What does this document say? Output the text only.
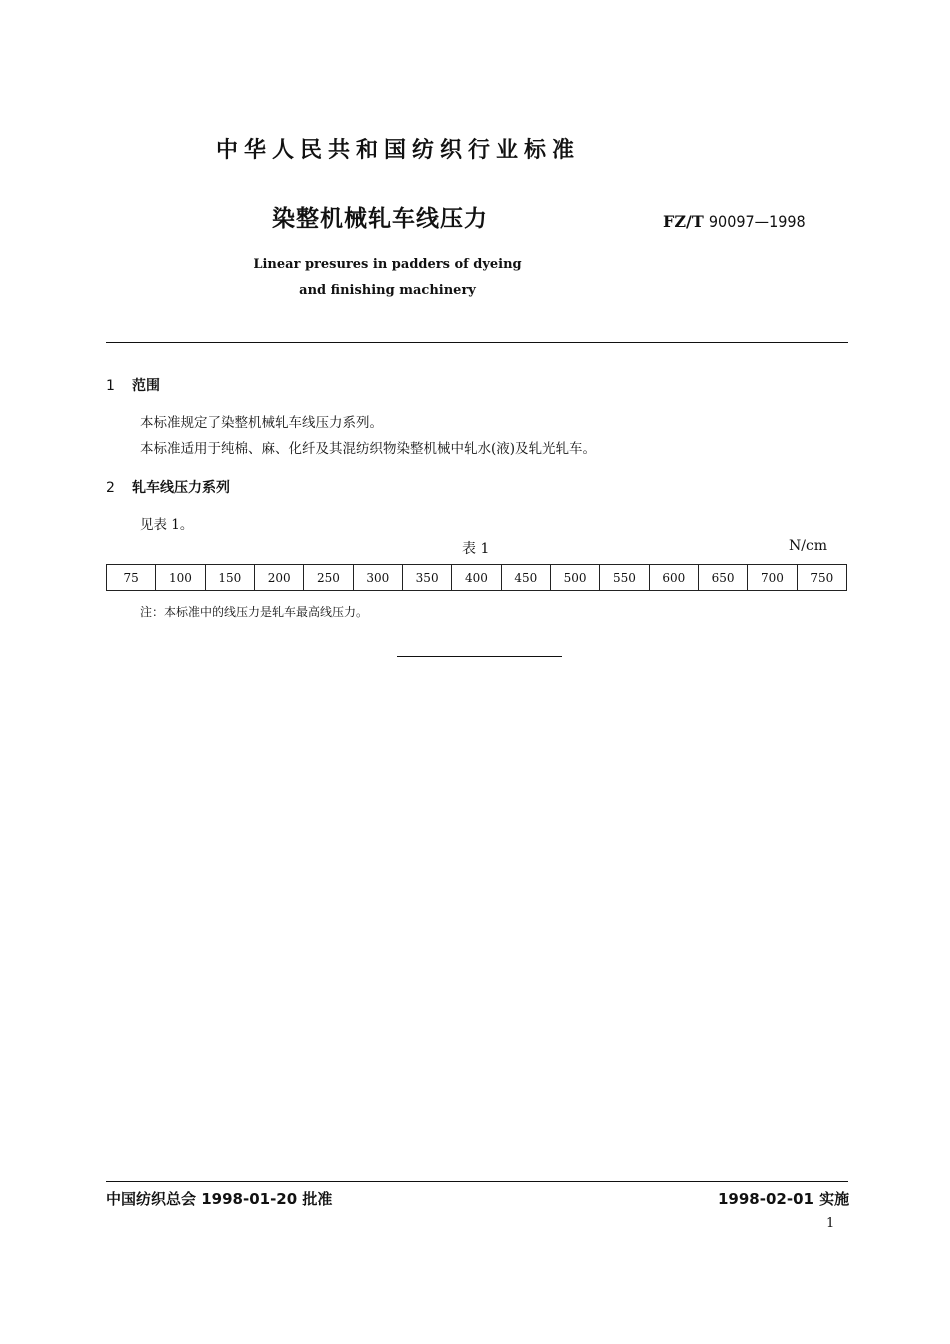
中华人民共和国纺织行业标准
染整机械轧车线压力	FZ/T 90097—1998
Linear presures in padders of dyeing
and finishing machinery
1 范围
本标准规定了染整机械轧车线压力系列。
本标准适用于纯棉、麻、化纤及其混纺织物染整机械中轧水(液)及轧光轧车。
2 轧车线压力系列
见表 1。
表 1	N/cm
75	100	150	200	250	300	350	400	450	500	550	600	650	700	750
注：本标准中的线压力是轧车最高线压力。
中国纺织总会 1998-01-20 批准	1998-02-01 实施
1
